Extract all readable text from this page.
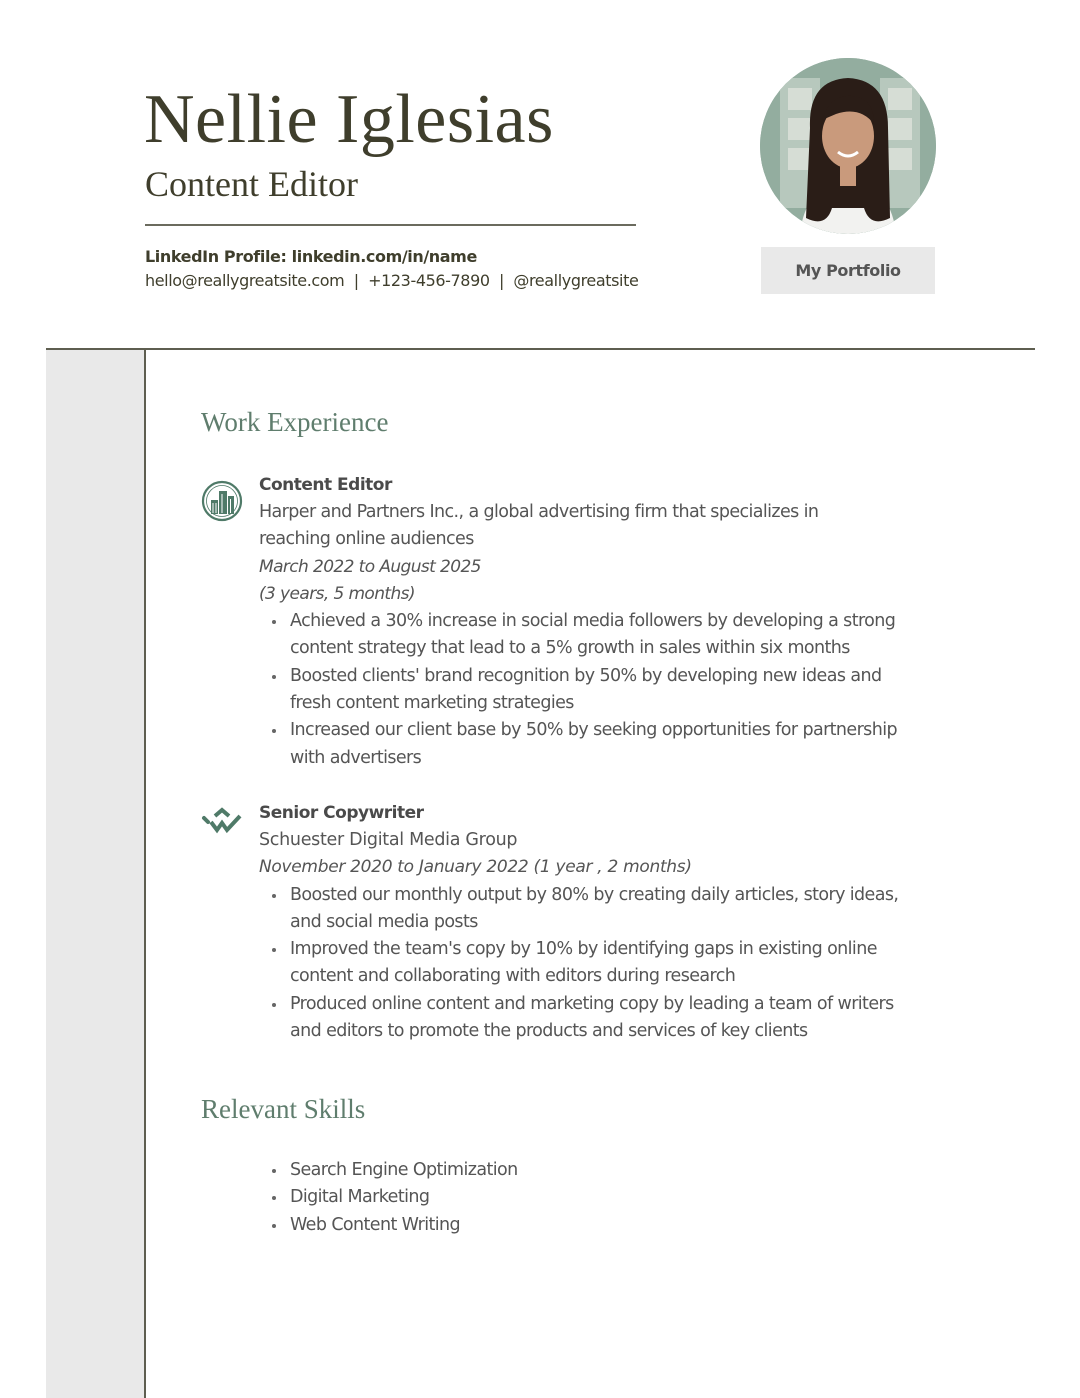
Nellie Iglesias
Content Editor
LinkedIn Profile: linkedin.com/in/name
hello@reallygreatsite.com  |  +123-456-7890  |  @reallygreatsite
My Portfolio
Work Experience
Content Editor
Harper and Partners Inc., a global advertising firm that specializes in reaching online audiences
March 2022 to August 2025
(3 years, 5 months)
Achieved a 30% increase in social media followers by developing a strong content strategy that lead to a 5% growth in sales within six months
Boosted clients' brand recognition by 50% by developing new ideas and fresh content marketing strategies
Increased our client base by 50% by seeking opportunities for partnership with advertisers
Senior Copywriter
Schuester Digital Media Group
November 2020 to January 2022 (1 year , 2 months)
Boosted our monthly output by 80% by creating daily articles, story ideas, and social media posts
Improved the team's copy by 10% by identifying gaps in existing online content and collaborating with editors during research
Produced online content and marketing copy by leading a team of writers and editors to promote the products and services of key clients
Relevant Skills
Search Engine Optimization
Digital Marketing
Web Content Writing
